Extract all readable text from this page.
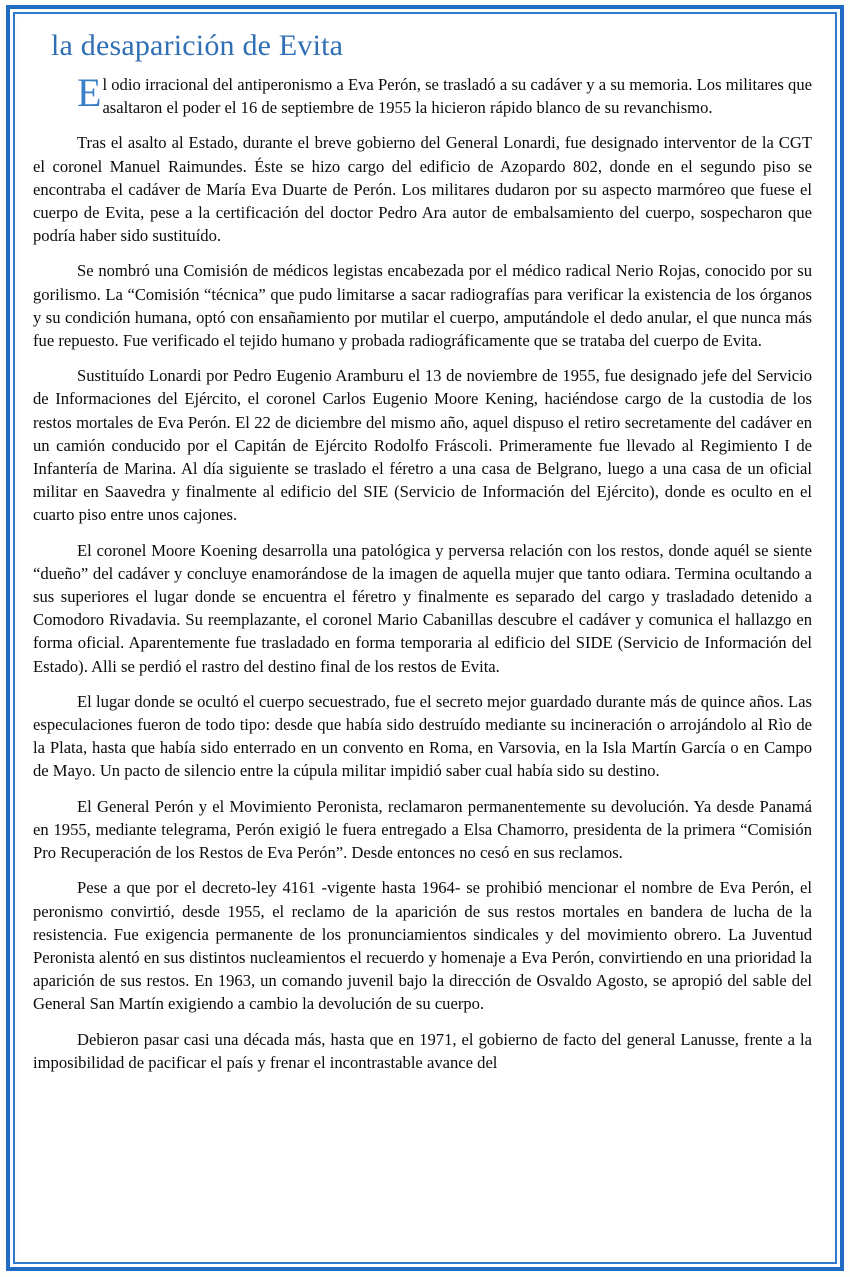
la desaparición de Evita

El odio irracional del antiperonismo a Eva Perón, se trasladó a su cadáver y a su memoria. Los militares que asaltaron el poder el 16 de septiembre de 1955 la hicieron rápido blanco de su revanchismo.

Tras el asalto al Estado, durante el breve gobierno del General Lonardi, fue designado interventor de la CGT el coronel Manuel Raimundes. Éste se hizo cargo del edificio de Azopardo 802, donde en el segundo piso se encontraba el cadáver de María Eva Duarte de Perón. Los militares dudaron por su aspecto marmóreo que fuese el cuerpo de Evita, pese a la certificación del doctor Pedro Ara autor de embalsamiento del cuerpo, sospecharon que podría haber sido sustituído.

Se nombró una Comisión de médicos legistas encabezada por el médico radical Nerio Rojas, conocido por su gorilismo. La “Comisión “técnica” que pudo limitarse a sacar radiografías para verificar la existencia de los órganos y su condición humana, optó con ensañamiento por mutilar el cuerpo, amputándole el dedo anular, el que nunca más fue repuesto. Fue verificado el tejido humano y probada radiográficamente que se trataba del cuerpo de Evita.

Sustituído Lonardi por Pedro Eugenio Aramburu el 13 de noviembre de 1955, fue designado jefe del Servicio de Informaciones del Ejército, el coronel Carlos Eugenio Moore Kening, haciéndose cargo de la custodia de los restos mortales de Eva Perón. El 22 de diciembre del mismo año, aquel dispuso el retiro secretamente del cadáver en un camión conducido por el Capitán de Ejército Rodolfo Fráscoli. Primeramente fue llevado al Regimiento I de Infantería de Marina. Al día siguiente se traslado el féretro a una casa de Belgrano, luego a una casa de un oficial militar en Saavedra y finalmente al edificio del SIE (Servicio de Información del Ejército), donde es oculto en el cuarto piso entre unos cajones.

El coronel Moore Koening desarrolla una patológica y perversa relación con los restos, donde aquél se siente “dueño” del cadáver y concluye enamorándose de la imagen de aquella mujer que tanto odiara. Termina ocultando a sus superiores el lugar donde se encuentra el féretro y finalmente es separado del cargo y trasladado detenido a Comodoro Rivadavia. Su reemplazante, el coronel Mario Cabanillas descubre el cadáver y comunica el hallazgo en forma oficial. Aparentemente fue trasladado en forma temporaria al edificio del SIDE (Servicio de Información del Estado). Alli se perdió el rastro del destino final de los restos de Evita.

El lugar donde se ocultó el cuerpo secuestrado, fue el secreto mejor guardado durante más de quince años. Las especulaciones fueron de todo tipo: desde que había sido destruído mediante su incineración o arrojándolo al Rìo de la Plata, hasta que había sido enterrado en un convento en Roma, en Varsovia, en la Isla Martín García o en Campo de Mayo. Un pacto de silencio entre la cúpula militar impidió saber cual había sido su destino.

El General Perón y el Movimiento Peronista, reclamaron permanentemente su devolución. Ya desde Panamá en 1955, mediante telegrama, Perón exigió le fuera entregado a Elsa Chamorro, presidenta de la primera “Comisión Pro Recuperación de los Restos de Eva Perón”. Desde entonces no cesó en sus reclamos.

Pese a que por el decreto-ley 4161 -vigente hasta 1964- se prohibió mencionar el nombre de Eva Perón, el peronismo convirtió, desde 1955, el reclamo de la aparición de sus restos mortales en bandera de lucha de la resistencia. Fue exigencia permanente de los pronunciamientos sindicales y del movimiento obrero. La Juventud Peronista alentó en sus distintos nucleamientos el recuerdo y homenaje a Eva Perón, convirtiendo en una prioridad la aparición de sus restos. En 1963, un comando juvenil bajo la dirección de Osvaldo Agosto, se apropió del sable del General San Martín exigiendo a cambio la devolución de su cuerpo.

Debieron pasar casi una década más, hasta que en 1971, el gobierno de facto del general Lanusse, frente a la imposibilidad de pacificar el país y frenar el incontrastable avance del
